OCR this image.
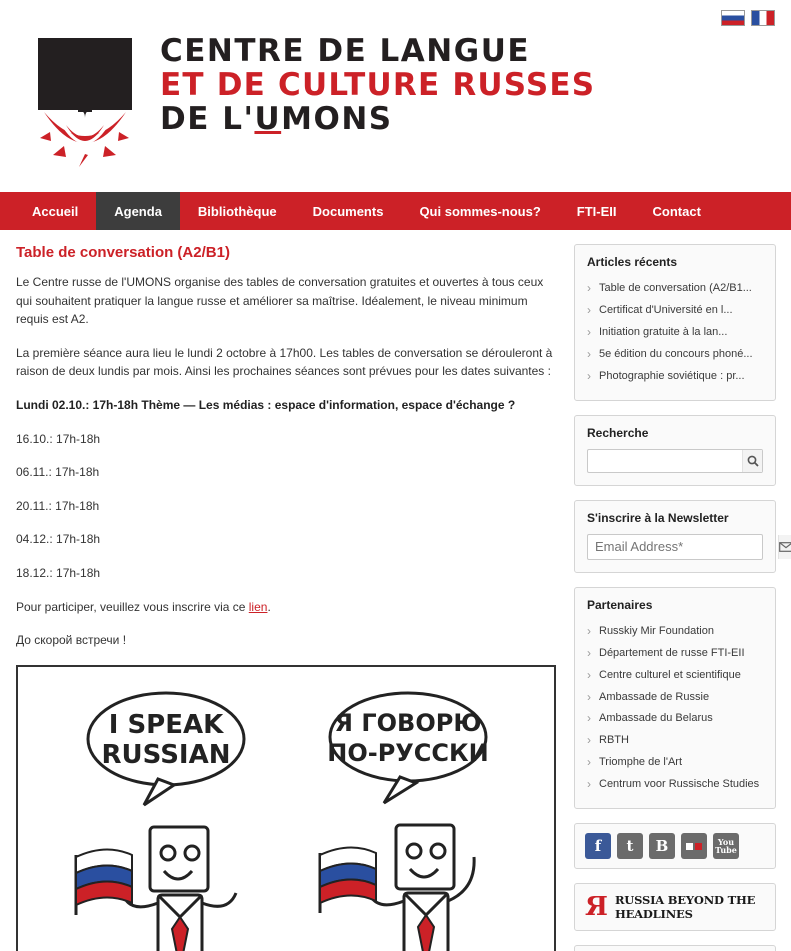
CENTRE DE LANGUE
ET DE CULTURE RUSSES
DE L'UMONS
Accueil	Agenda	Bibliothèque	Documents	Qui sommes-nous?	FTI-EII	Contact
Table de conversation (A2/B1)

Le Centre russe de l'UMONS organise des tables de conversation gratuites et ouvertes à tous ceux qui souhaitent pratiquer la langue russe et améliorer sa maîtrise. Idéalement, le niveau minimum requis est A2.

La première séance aura lieu le lundi 2 octobre à 17h00. Les tables de conversation se dérouleront à raison de deux lundis par mois. Ainsi les prochaines séances sont prévues pour les dates suivantes :

Lundi 02.10.: 17h-18h Thème — Les médias : espace d'information, espace d'échange ?

16.10.: 17h-18h

06.11.: 17h-18h

20.11.: 17h-18h

04.12.: 17h-18h

18.12.: 17h-18h

Pour participer, veuillez vous inscrire via ce lien.

До скорой встречи !

I SPEAK
RUSSIAN
Я ГОВОРЮ
ПО-РУССКИ
Articles récents
› Table de conversation (A2/B1...
› Certificat d'Université en l...
› Initiation gratuite à la lan...
› 5e édition du concours phoné...
› Photographie soviétique : pr...
Recherche
S'inscrire à la Newsletter
Email Address*
Partenaires
› Russkiy Mir Foundation
› Département de russe FTI-EII
› Centre culturel et scientifique
› Ambassade de Russie
› Ambassade du Belarus
› RBTH
› Triomphe de l'Art
› Centrum voor Russische Studies
f	t	B	You Tube
Я RUSSIA BEYOND THE HEADLINES
